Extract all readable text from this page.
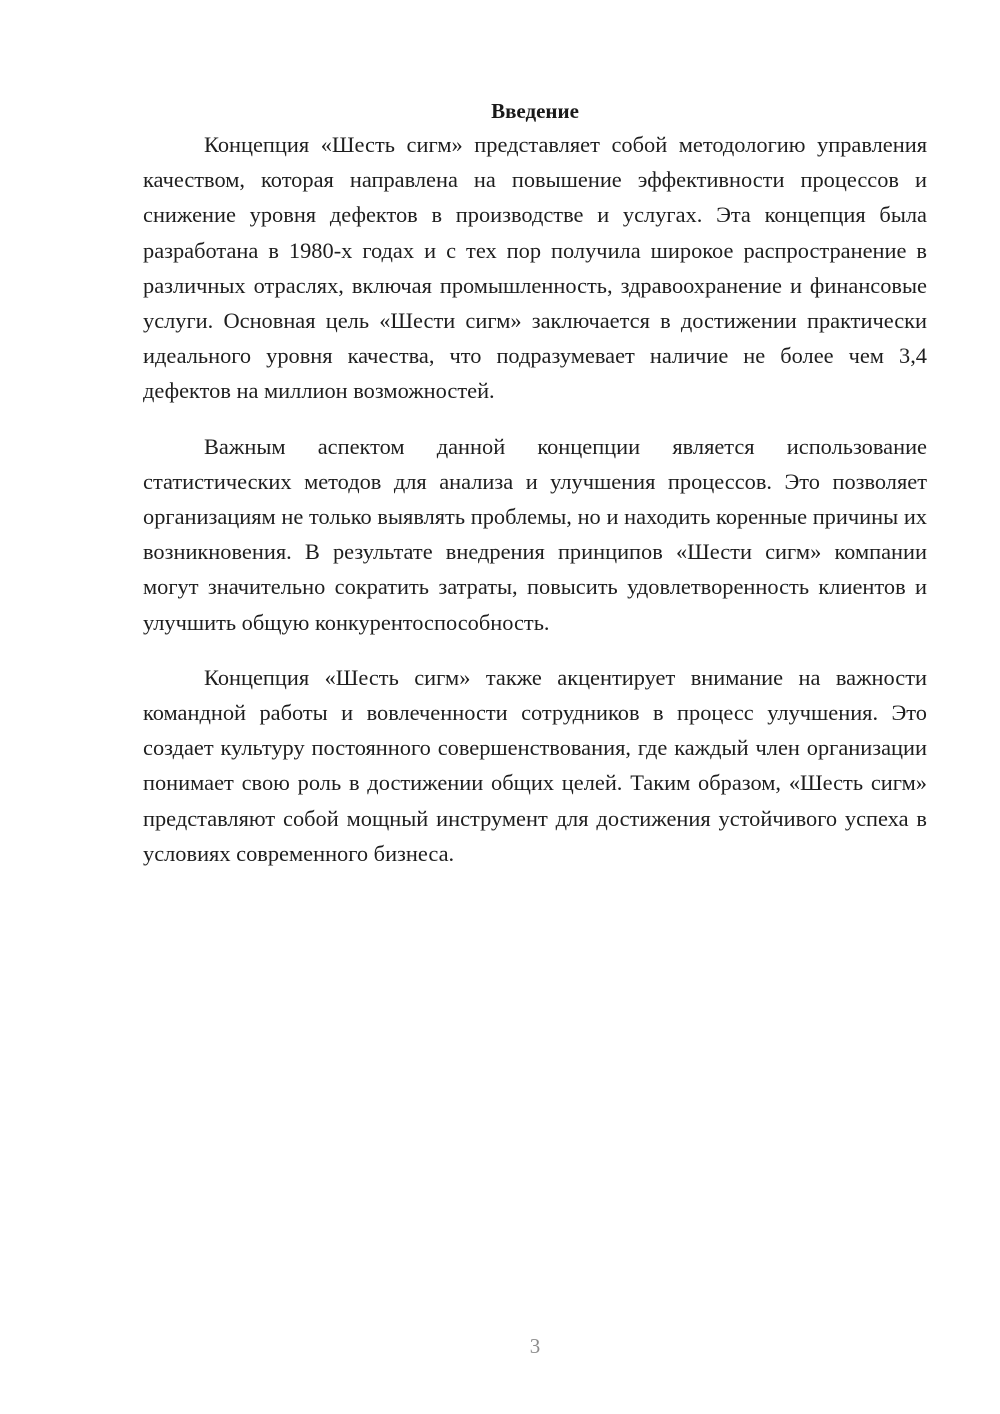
Введение

Концепция «Шесть сигм» представляет собой методологию управления качеством, которая направлена на повышение эффективности процессов и снижение уровня дефектов в производстве и услугах. Эта концепция была разработана в 1980-х годах и с тех пор получила широкое распространение в различных отраслях, включая промышленность, здравоохранение и финансовые услуги. Основная цель «Шести сигм» заключается в достижении практически идеального уровня качества, что подразумевает наличие не более чем 3,4 дефектов на миллион возможностей.

Важным аспектом данной концепции является использование статистических методов для анализа и улучшения процессов. Это позволяет организациям не только выявлять проблемы, но и находить коренные причины их возникновения. В результате внедрения принципов «Шести сигм» компании могут значительно сократить затраты, повысить удовлетворенность клиентов и улучшить общую конкурентоспособность.

Концепция «Шесть сигм» также акцентирует внимание на важности командной работы и вовлеченности сотрудников в процесс улучшения. Это создает культуру постоянного совершенствования, где каждый член организации понимает свою роль в достижении общих целей. Таким образом, «Шесть сигм» представляют собой мощный инструмент для достижения устойчивого успеха в условиях современного бизнеса.

3
